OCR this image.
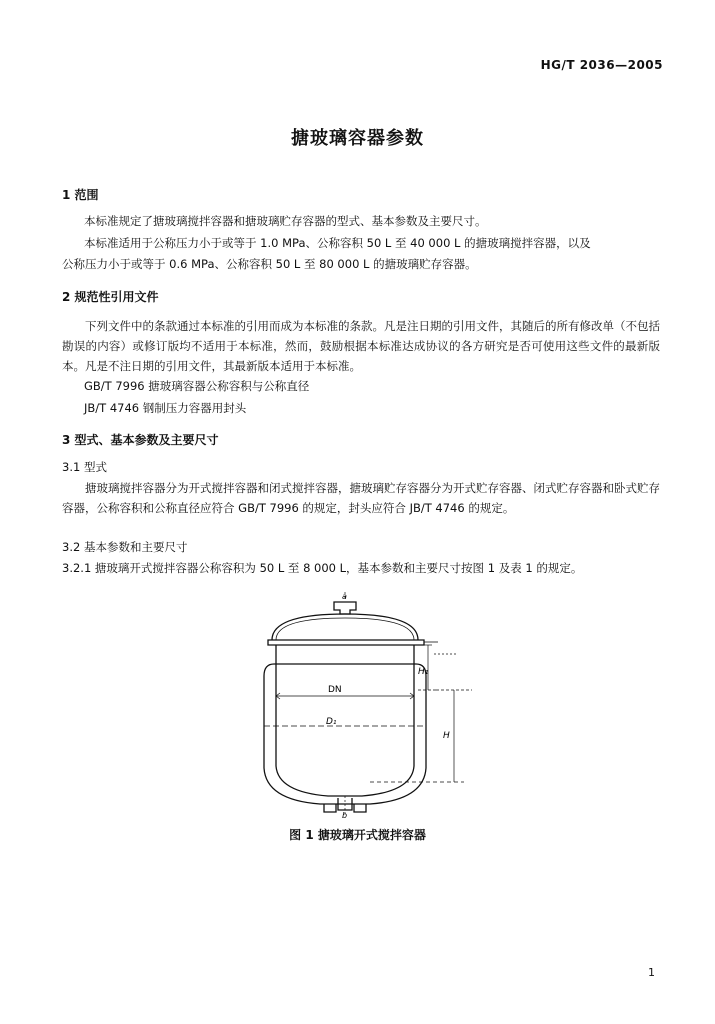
HG/T 2036—2005
搪玻璃容器参数
1 范围
本标准规定了搪玻璃搅拌容器和搪玻璃贮存容器的型式、基本参数及主要尺寸。
本标准适用于公称压力小于或等于 1.0 MPa、公称容积 50 L 至 40 000 L 的搪玻璃搅拌容器，以及
公称压力小于或等于 0.6 MPa、公称容积 50 L 至 80 000 L 的搪玻璃贮存容器。
2 规范性引用文件
下列文件中的条款通过本标准的引用而成为本标准的条款。凡是注日期的引用文件，其随后的所有修改单（不包括勘误的内容）或修订版均不适用于本标准，然而，鼓励根据本标准达成协议的各方研究是否可使用这些文件的最新版本。凡是不注日期的引用文件，其最新版本适用于本标准。
GB/T 7996 搪玻璃容器公称容积与公称直径
JB/T 4746 钢制压力容器用封头
3 型式、基本参数及主要尺寸
3.1 型式
搪玻璃搅拌容器分为开式搅拌容器和闭式搅拌容器，搪玻璃贮存容器分为开式贮存容器、闭式贮存容器和卧式贮存容器，公称容积和公称直径应符合 GB/T 7996 的规定，封头应符合 JB/T 4746 的规定。
3.2 基本参数和主要尺寸
3.2.1 搪玻璃开式搅拌容器公称容积为 50 L 至 8 000 L，基本参数和主要尺寸按图 1 及表 1 的规定。
a
DN
D₁
H₁
H
b
图 1 搪玻璃开式搅拌容器
1
